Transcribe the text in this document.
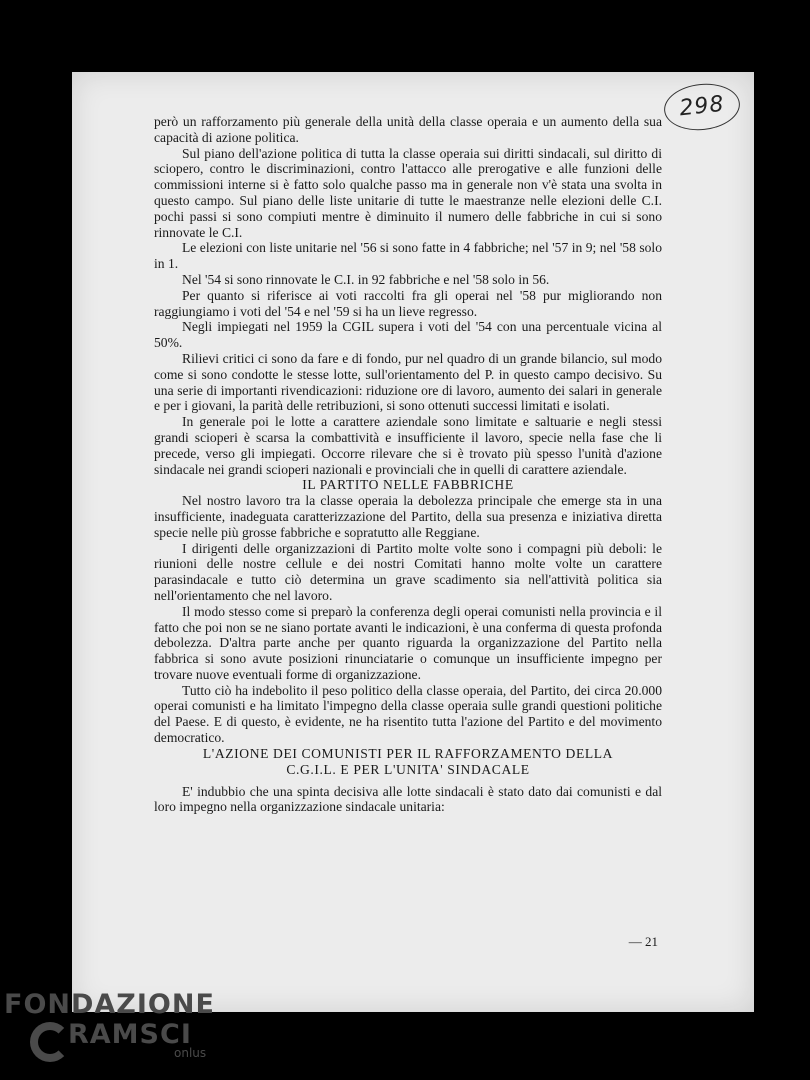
298

però un rafforzamento più generale della unità della classe operaia e un aumento della sua capacità di azione politica.

Sul piano dell'azione politica di tutta la classe operaia sui diritti sindacali, sul diritto di sciopero, contro le discriminazioni, contro l'attacco alle prerogative e alle funzioni delle commissioni interne si è fatto solo qualche passo ma in generale non v'è stata una svolta in questo campo. Sul piano delle liste unitarie di tutte le maestranze nelle elezioni delle C.I. pochi passi si sono compiuti mentre è diminuito il numero delle fabbriche in cui si sono rinnovate le C.I.

Le elezioni con liste unitarie nel '56 si sono fatte in 4 fabbriche; nel '57 in 9; nel '58 solo in 1.

Nel '54 si sono rinnovate le C.I. in 92 fabbriche e nel '58 solo in 56.

Per quanto si riferisce ai voti raccolti fra gli operai nel '58 pur migliorando non raggiungiamo i voti del '54 e nel '59 si ha un lieve regresso.

Negli impiegati nel 1959 la CGIL supera i voti del '54 con una percentuale vicina al 50%.

Rilievi critici ci sono da fare e di fondo, pur nel quadro di un grande bilancio, sul modo come si sono condotte le stesse lotte, sull'orientamento del P. in questo campo decisivo. Su una serie di importanti rivendicazioni: riduzione ore di lavoro, aumento dei salari in generale e per i giovani, la parità delle retribuzioni, si sono ottenuti successi limitati e isolati.

In generale poi le lotte a carattere aziendale sono limitate e saltuarie e negli stessi grandi scioperi è scarsa la combattività e insufficiente il lavoro, specie nella fase che li precede, verso gli impiegati. Occorre rilevare che si è trovato più spesso l'unità d'azione sindacale nei grandi scioperi nazionali e provinciali che in quelli di carattere aziendale.

IL PARTITO NELLE FABBRICHE

Nel nostro lavoro tra la classe operaia la debolezza principale che emerge sta in una insufficiente, inadeguata caratterizzazione del Partito, della sua presenza e iniziativa diretta specie nelle più grosse fabbriche e sopratutto alle Reggiane.

I dirigenti delle organizzazioni di Partito molte volte sono i compagni più deboli: le riunioni delle nostre cellule e dei nostri Comitati hanno molte volte un carattere parasindacale e tutto ciò determina un grave scadimento sia nell'attività politica sia nell'orientamento che nel lavoro.

Il modo stesso come si preparò la conferenza degli operai comunisti nella provincia e il fatto che poi non se ne siano portate avanti le indicazioni, è una conferma di questa profonda debolezza. D'altra parte anche per quanto riguarda la organizzazione del Partito nella fabbrica si sono avute posizioni rinunciatarie o comunque un insufficiente impegno per trovare nuove eventuali forme di organizzazione.

Tutto ciò ha indebolito il peso politico della classe operaia, del Partito, dei circa 20.000 operai comunisti e ha limitato l'impegno della classe operaia sulle grandi questioni politiche del Paese. E di questo, è evidente, ne ha risentito tutta l'azione del Partito e del movimento democratico.

L'AZIONE DEI COMUNISTI PER IL RAFFORZAMENTO DELLA

C.G.I.L. E PER L'UNITA' SINDACALE

E' indubbio che una spinta decisiva alle lotte sindacali è stato dato dai comunisti e dal loro impegno nella organizzazione sindacale unitaria:

— 21
FONDAZIONE
RAMSCI
onlus
